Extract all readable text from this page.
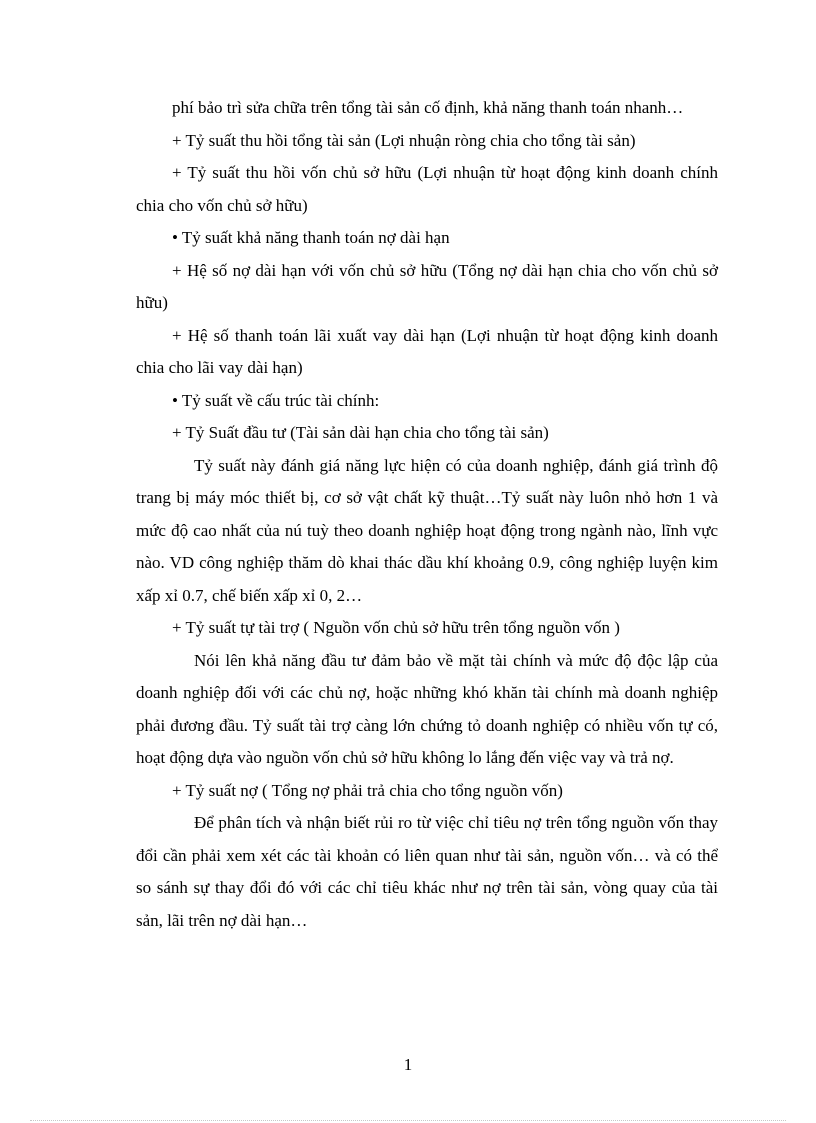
phí bảo trì sửa chữa trên tổng tài sản cố định, khả năng thanh toán nhanh…

+ Tỷ suất thu hồi tổng tài sản (Lợi nhuận ròng chia cho tổng tài sản)

+ Tỷ suất thu hồi vốn chủ sở hữu (Lợi nhuận từ hoạt động kinh doanh chính chia cho vốn chủ sở hữu)

• Tỷ suất khả năng thanh toán nợ dài hạn

+ Hệ số nợ dài hạn với vốn chủ sở hữu (Tổng nợ dài hạn chia cho vốn chủ sở hữu)

+ Hệ số thanh toán lãi xuất vay dài hạn (Lợi nhuận từ hoạt động kinh doanh chia cho lãi vay dài hạn)

• Tỷ suất về cấu trúc tài chính:

+ Tỷ Suất đầu tư (Tài sản dài hạn chia cho tổng tài sản)

Tỷ suất này đánh giá năng lực hiện có của doanh nghiệp, đánh giá trình độ trang bị máy móc thiết bị, cơ sở vật chất kỹ thuật…Tỷ suất này luôn nhỏ hơn 1 và mức độ cao nhất của nú tuỳ theo doanh nghiệp hoạt động trong ngành nào, lĩnh vực nào. VD công nghiệp thăm dò khai thác dầu khí khoảng 0.9, công nghiệp luyện kim xấp xỉ 0.7, chế biến xấp xỉ 0, 2…

+ Tỷ suất tự tài trợ ( Nguồn vốn chủ sở hữu trên tổng nguồn vốn )

Nói lên khả năng đầu tư đảm bảo về mặt tài chính và mức độ độc lập của doanh nghiệp đối với các chủ nợ, hoặc những khó khăn tài chính mà doanh nghiệp phải đương đầu. Tỷ suất tài trợ càng lớn chứng tỏ doanh nghiệp có nhiều vốn tự có, hoạt động dựa vào nguồn vốn chủ sở hữu không lo lắng đến việc vay và trả nợ.

+ Tỷ suất nợ ( Tổng nợ phải trả chia cho tổng nguồn vốn)

Để phân tích và nhận biết rủi ro từ việc chỉ tiêu nợ trên tổng nguồn vốn thay đổi cần phải xem xét các tài khoản có liên quan như tài sản, nguồn vốn… và có thể so sánh sự thay đổi đó với các chỉ tiêu khác như nợ trên tài sản, vòng quay của tài sản, lãi trên nợ dài hạn…

1
